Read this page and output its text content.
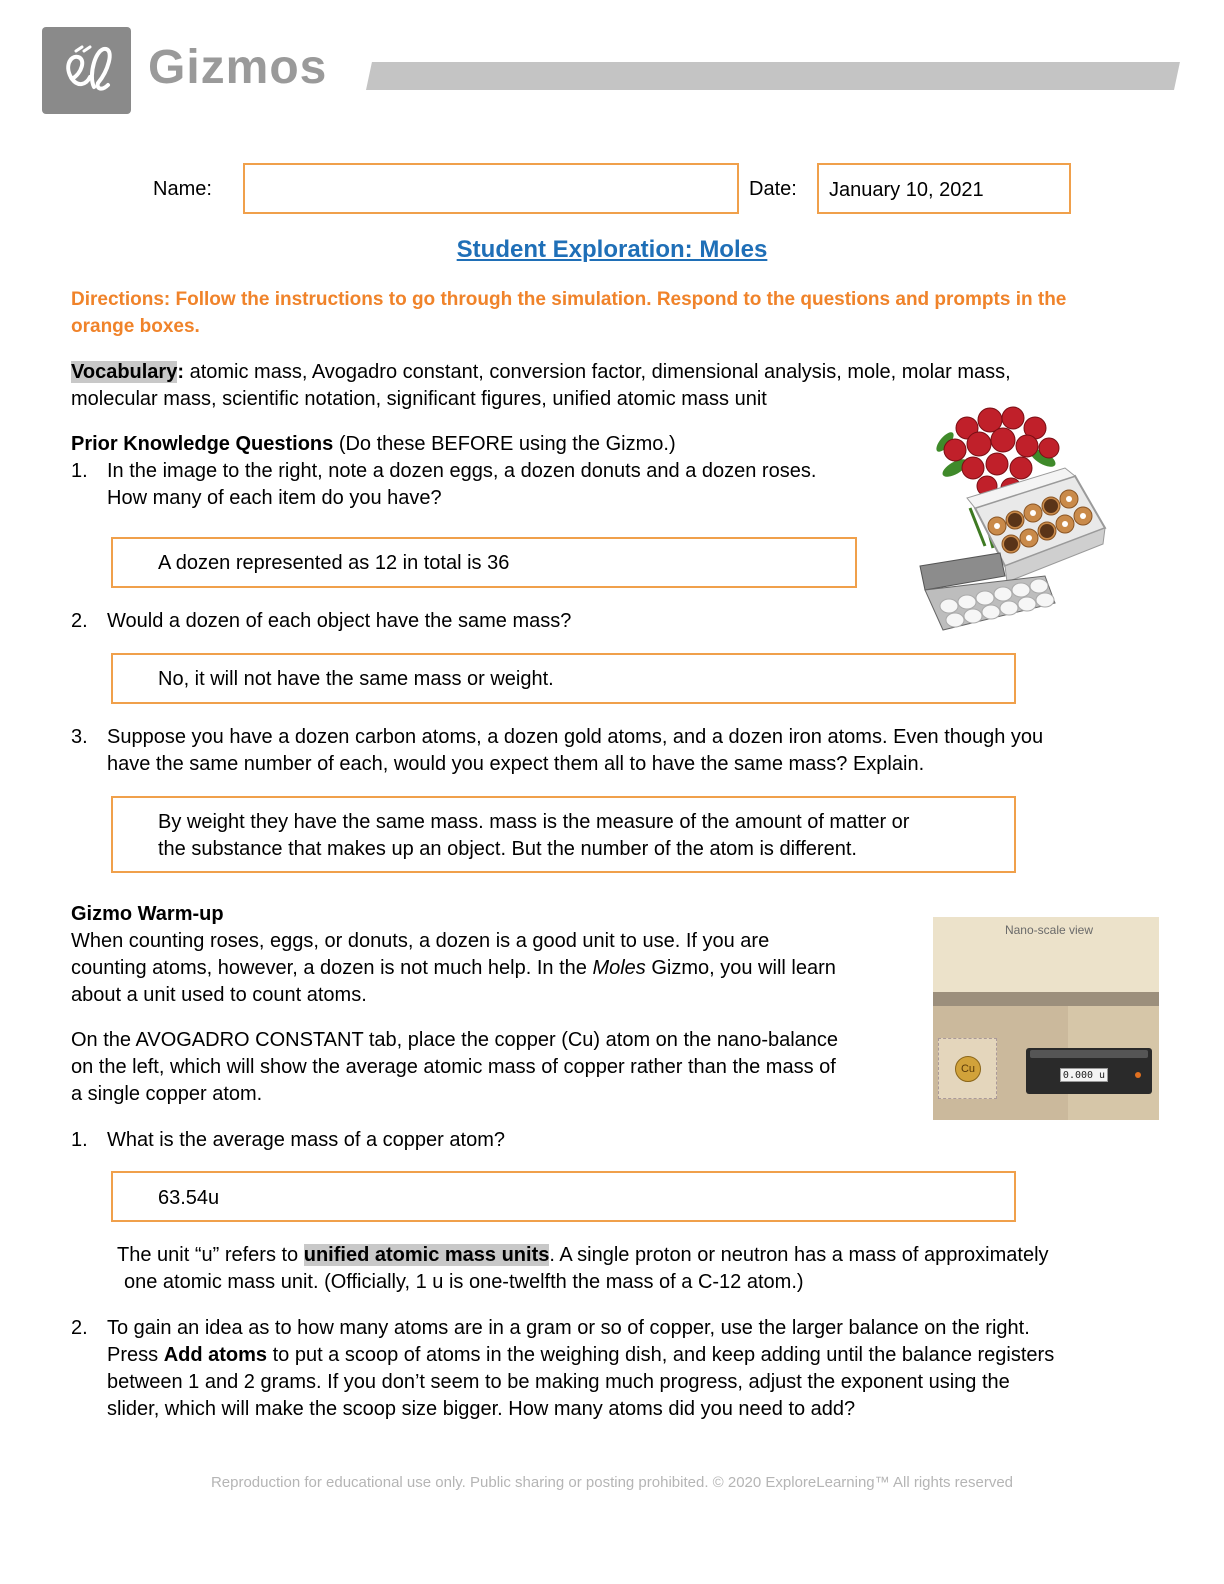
Gizmos
Name:	Date: January 10, 2021
Student Exploration: Moles
Directions: Follow the instructions to go through the simulation. Respond to the questions and prompts in the orange boxes.
Vocabulary: atomic mass, Avogadro constant, conversion factor, dimensional analysis, mole, molar mass,
molecular mass, scientific notation, significant figures, unified atomic mass unit
Prior Knowledge Questions (Do these BEFORE using the Gizmo.)
1. In the image to the right, note a dozen eggs, a dozen donuts and a dozen roses.
How many of each item do you have?
A dozen represented as 12 in total is 36
2. Would a dozen of each object have the same mass?
No, it will not have the same mass or weight.
3. Suppose you have a dozen carbon atoms, a dozen gold atoms, and a dozen iron atoms. Even though you
have the same number of each, would you expect them all to have the same mass? Explain.
By weight they have the same mass. mass is the measure of the amount of matter or
the substance that makes up an object. But the number of the atom is different.
Gizmo Warm-up
When counting roses, eggs, or donuts, a dozen is a good unit to use. If you are
counting atoms, however, a dozen is not much help. In the Moles Gizmo, you will learn
about a unit used to count atoms.
On the AVOGADRO CONSTANT tab, place the copper (Cu) atom on the nano-balance
on the left, which will show the average atomic mass of copper rather than the mass of
a single copper atom.
Nano-scale view
Cu
0.000 u
1. What is the average mass of a copper atom?
63.54u
The unit “u” refers to unified atomic mass units. A single proton or neutron has a mass of approximately
one atomic mass unit. (Officially, 1 u is one-twelfth the mass of a C-12 atom.)
2. To gain an idea as to how many atoms are in a gram or so of copper, use the larger balance on the right.
Press Add atoms to put a scoop of atoms in the weighing dish, and keep adding until the balance registers
between 1 and 2 grams. If you don’t seem to be making much progress, adjust the exponent using the
slider, which will make the scoop size bigger. How many atoms did you need to add?
Reproduction for educational use only. Public sharing or posting prohibited. © 2020 ExploreLearning™ All rights reserved
